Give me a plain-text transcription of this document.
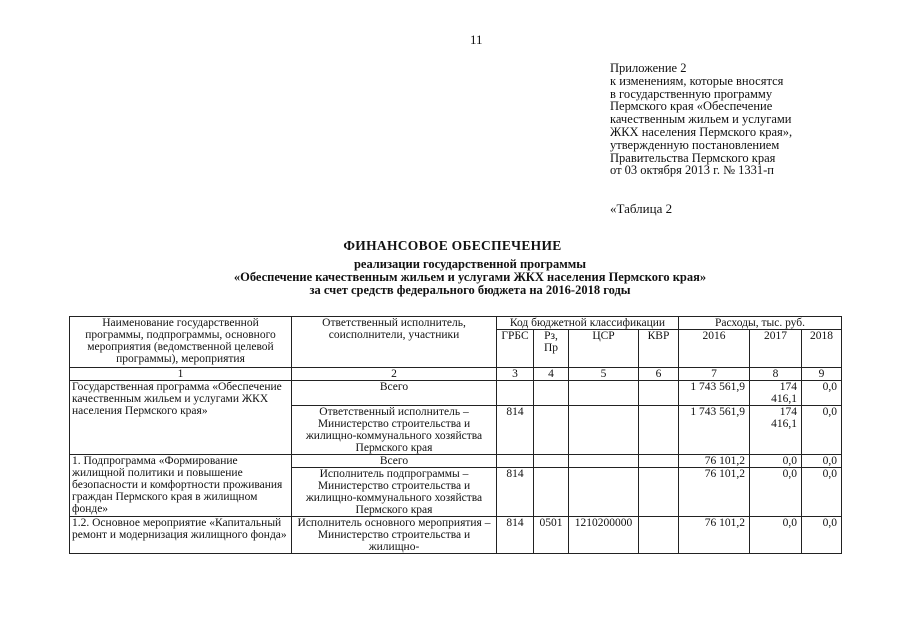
11
Приложение 2
к изменениям, которые вносятся
в государственную программу
Пермского края «Обеспечение
качественным жильем и услугами
ЖКХ населения Пермского края»,
утвержденную постановлением
Правительства Пермского края
от 03 октября 2013 г. № 1331-п
«Таблица 2
ФИНАНСОВОЕ ОБЕСПЕЧЕНИЕ
реализации государственной программы
«Обеспечение качественным жильем и услугами ЖКХ населения Пермского края»
за счет средств федерального бюджета на 2016-2018 годы
Наименование государственной программы, подпрограммы, основного мероприятия (ведомственной целевой программы), мероприятия	Ответственный исполнитель, соисполнители, участники	Код бюджетной классификации				Расходы, тыс. руб.		
		ГРБС	Рз, Пр	ЦСР	КВР	2016	2017	2018
1	2	3	4	5	6	7	8	9
Государственная программа «Обеспечение качественным жильем и услугами ЖКХ населения Пермского края»	Всего					1 743 561,9	174 416,1	0,0
	Ответственный исполнитель – Министерство строительства и жилищно-коммунального хозяйства Пермского края	814				1 743 561,9	174 416,1	0,0
1. Подпрограмма «Формирование жилищной политики и повышение безопасности и комфортности проживания граждан Пермского края в жилищном фонде»	Всего					76 101,2	0,0	0,0
	Исполнитель подпрограммы – Министерство строительства и жилищно-коммунального хозяйства Пермского края	814				76 101,2	0,0	0,0
1.2. Основное мероприятие «Капитальный ремонт и модернизация жилищного фонда»	Исполнитель основного мероприятия – Министерство строительства и жилищно-	814	0501	1210200000		76 101,2	0,0	0,0
